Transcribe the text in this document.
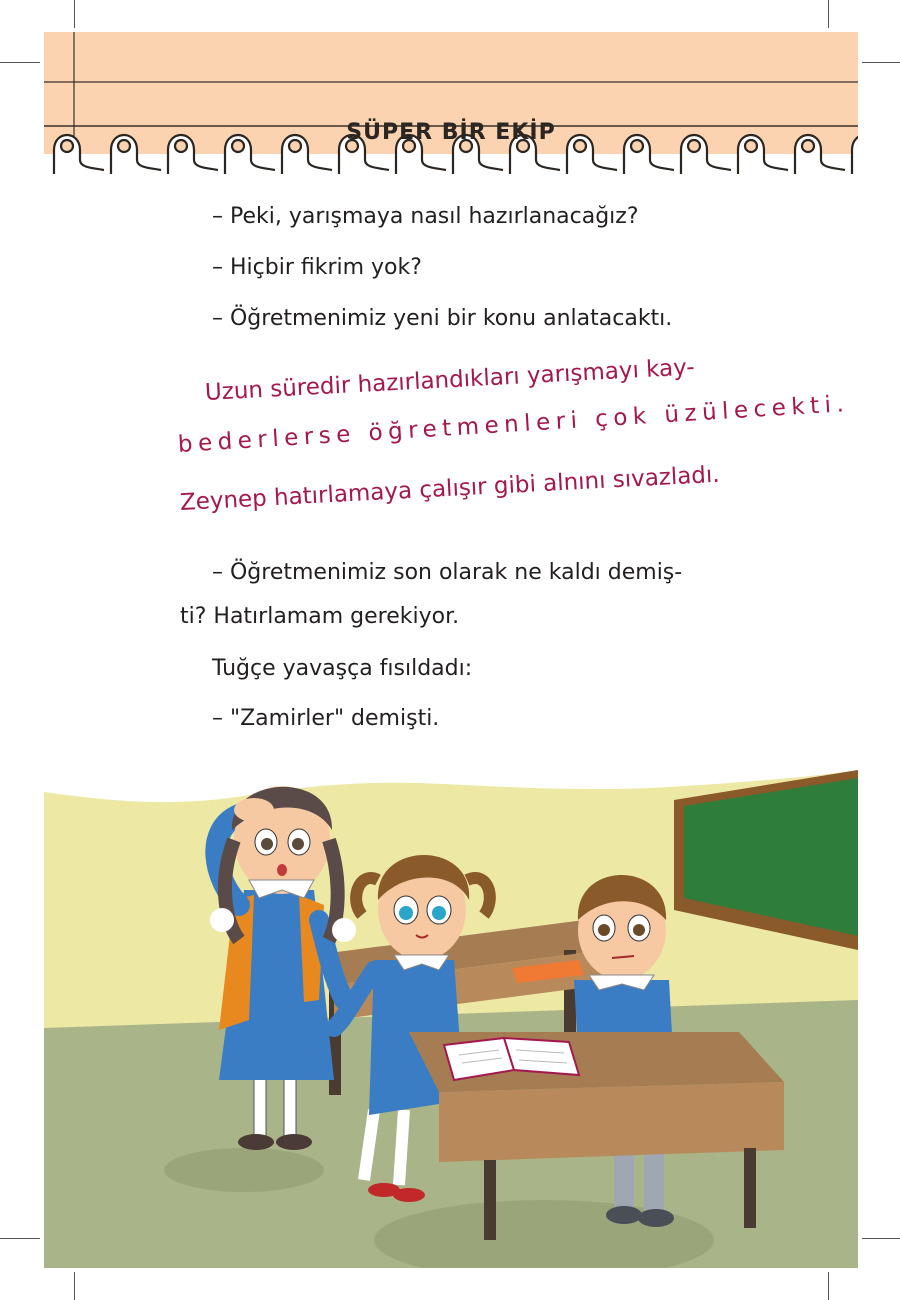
SÜPER BİR EKİP
– Peki, yarışmaya nasıl hazırlanacağız?
– Hiçbir fikrim yok?
– Öğretmenimiz yeni bir konu anlatacaktı.
Uzun süredir hazırlandıkları yarışmayı kay-
bederlerse öğretmenleri çok üzülecekti.
Zeynep hatırlamaya çalışır gibi alnını sıvazladı.
– Öğretmenimiz son olarak ne kaldı demiş-
ti? Hatırlamam gerekiyor.
Tuğçe yavaşça fısıldadı:
– "Zamirler" demişti.
